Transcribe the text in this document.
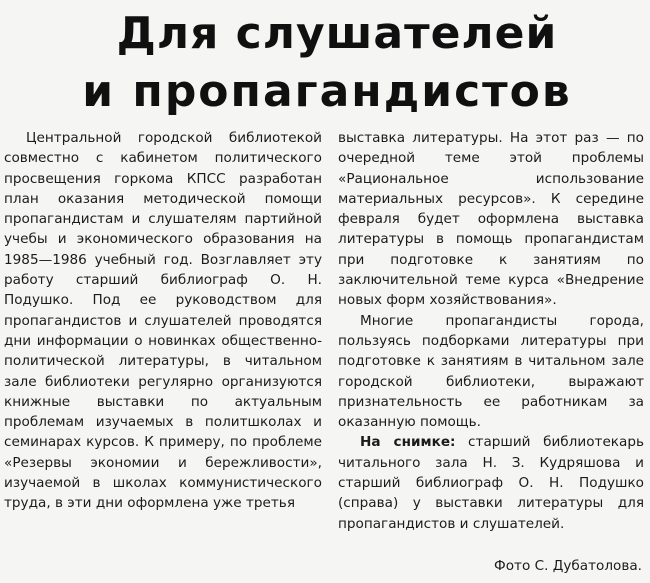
Для слушателей
и пропагандистов

Центральной городской библиотекой совместно с кабинетом политического просвещения горкома КПСС разработан план оказания методической помощи пропагандистам и слушателям партийной учебы и экономического образования на 1985—1986 учебный год. Возглавляет эту работу старший библиограф О. Н. Подушко. Под ее руководством для пропагандистов и слушателей проводятся дни информации о новинках общественно-политической литературы, в читальном зале библиотеки регулярно организуются книжные выставки по актуальным проблемам изучаемых в политшколах и семинарах курсов. К примеру, по проблеме «Резервы экономии и бережливости», изучаемой в школах коммунистического труда, в эти дни оформлена уже третья

выставка литературы. На этот раз — по очередной теме этой проблемы «Рациональное использование материальных ресурсов». К середине февраля будет оформлена выставка литературы в помощь пропагандистам при подготовке к занятиям по заключительной теме курса «Внедрение новых форм хозяйствования».

Многие пропагандисты города, пользуясь подборками литературы при подготовке к занятиям в читальном зале городской библиотеки, выражают признательность ее работникам за оказанную помощь.

На снимке: старший библиотекарь читального зала Н. З. Кудряшова и старший библиограф О. Н. Подушко (справа) у выставки литературы для пропагандистов и слушателей.

Фото С. Дубатолова.
